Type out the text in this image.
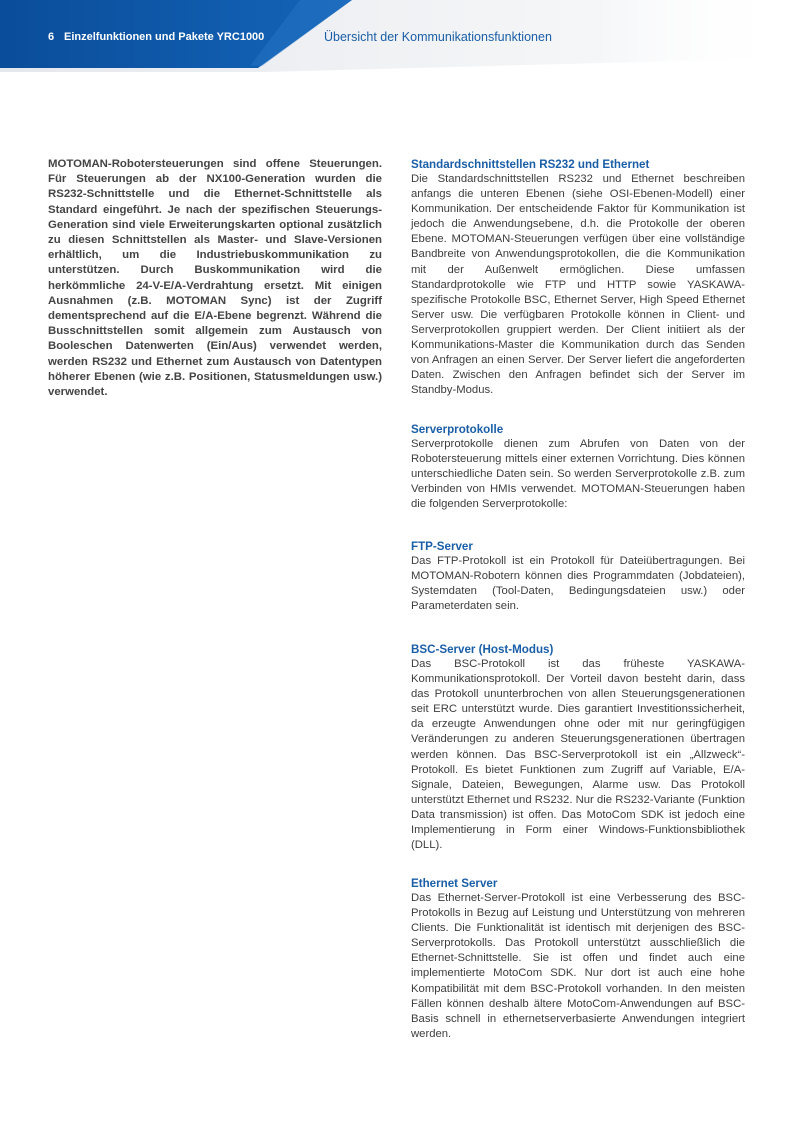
6 Einzelfunktionen und Pakete YRC1000	Übersicht der Kommunikationsfunktionen

MOTOMAN-Robotersteuerungen sind offene Steuerungen. Für Steuerungen ab der NX100-Generation wurden die RS232-Schnittstelle und die Ethernet-Schnittstelle als Standard eingeführt. Je nach der spezifischen Steuerungs-Generation sind viele Erweiterungskarten optional zusätzlich zu diesen Schnittstellen als Master- und Slave-Versionen erhältlich, um die Industriebuskommunikation zu unterstützen. Durch Buskommunikation wird die herkömmliche 24-V-E/A-Verdrahtung ersetzt. Mit einigen Ausnahmen (z.B. MOTOMAN Sync) ist der Zugriff dementsprechend auf die E/A-Ebene begrenzt. Während die Busschnittstellen somit allgemein zum Austausch von Booleschen Datenwerten (Ein/Aus) verwendet werden, werden RS232 und Ethernet zum Austausch von Datentypen höherer Ebenen (wie z.B. Positionen, Statusmeldungen usw.) verwendet.

Standardschnittstellen RS232 und Ethernet

Die Standardschnittstellen RS232 und Ethernet beschreiben anfangs die unteren Ebenen (siehe OSI-Ebenen-Modell) einer Kommunikation. Der entscheidende Faktor für Kommunikation ist jedoch die Anwendungsebene, d.h. die Protokolle der oberen Ebene. MOTOMAN-Steuerungen verfügen über eine vollständige Bandbreite von Anwendungsprotokollen, die die Kommunikation mit der Außenwelt ermöglichen. Diese umfassen Standardprotokolle wie FTP und HTTP sowie YASKAWA-spezifische Protokolle BSC, Ethernet Server, High Speed Ethernet Server usw. Die verfügbaren Protokolle können in Client- und Serverprotokollen gruppiert werden. Der Client initiiert als der Kommunikations-Master die Kommunikation durch das Senden von Anfragen an einen Server. Der Server liefert die angeforderten Daten. Zwischen den Anfragen befindet sich der Server im Standby-Modus.

Serverprotokolle

Serverprotokolle dienen zum Abrufen von Daten von der Robotersteuerung mittels einer externen Vorrichtung. Dies können unterschiedliche Daten sein. So werden Serverprotokolle z.B. zum Verbinden von HMIs verwendet. MOTOMAN-Steuerungen haben die folgenden Serverprotokolle:

FTP-Server

Das FTP-Protokoll ist ein Protokoll für Dateiübertragungen. Bei MOTOMAN-Robotern können dies Programmdaten (Jobdateien), Systemdaten (Tool-Daten, Bedingungsdateien usw.) oder Parameterdaten sein.

BSC-Server (Host-Modus)

Das BSC-Protokoll ist das früheste YASKAWA-Kommunikationsprotokoll. Der Vorteil davon besteht darin, dass das Protokoll ununterbrochen von allen Steuerungsgenerationen seit ERC unterstützt wurde. Dies garantiert Investitionssicherheit, da erzeugte Anwendungen ohne oder mit nur geringfügigen Veränderungen zu anderen Steuerungsgenerationen übertragen werden können. Das BSC-Serverprotokoll ist ein „Allzweck“-Protokoll. Es bietet Funktionen zum Zugriff auf Variable, E/A-Signale, Dateien, Bewegungen, Alarme usw. Das Protokoll unterstützt Ethernet und RS232. Nur die RS232-Variante (Funktion Data transmission) ist offen. Das MotoCom SDK ist jedoch eine Implementierung in Form einer Windows-Funktionsbibliothek (DLL).

Ethernet Server

Das Ethernet-Server-Protokoll ist eine Verbesserung des BSC-Protokolls in Bezug auf Leistung und Unterstützung von mehreren Clients. Die Funktionalität ist identisch mit derjenigen des BSC-Serverprotokolls. Das Protokoll unterstützt ausschließlich die Ethernet-Schnittstelle. Sie ist offen und findet auch eine implementierte MotoCom SDK. Nur dort ist auch eine hohe Kompatibilität mit dem BSC-Protokoll vorhanden. In den meisten Fällen können deshalb ältere MotoCom-Anwendungen auf BSC-Basis schnell in ethernetserverbasierte Anwendungen integriert werden.
